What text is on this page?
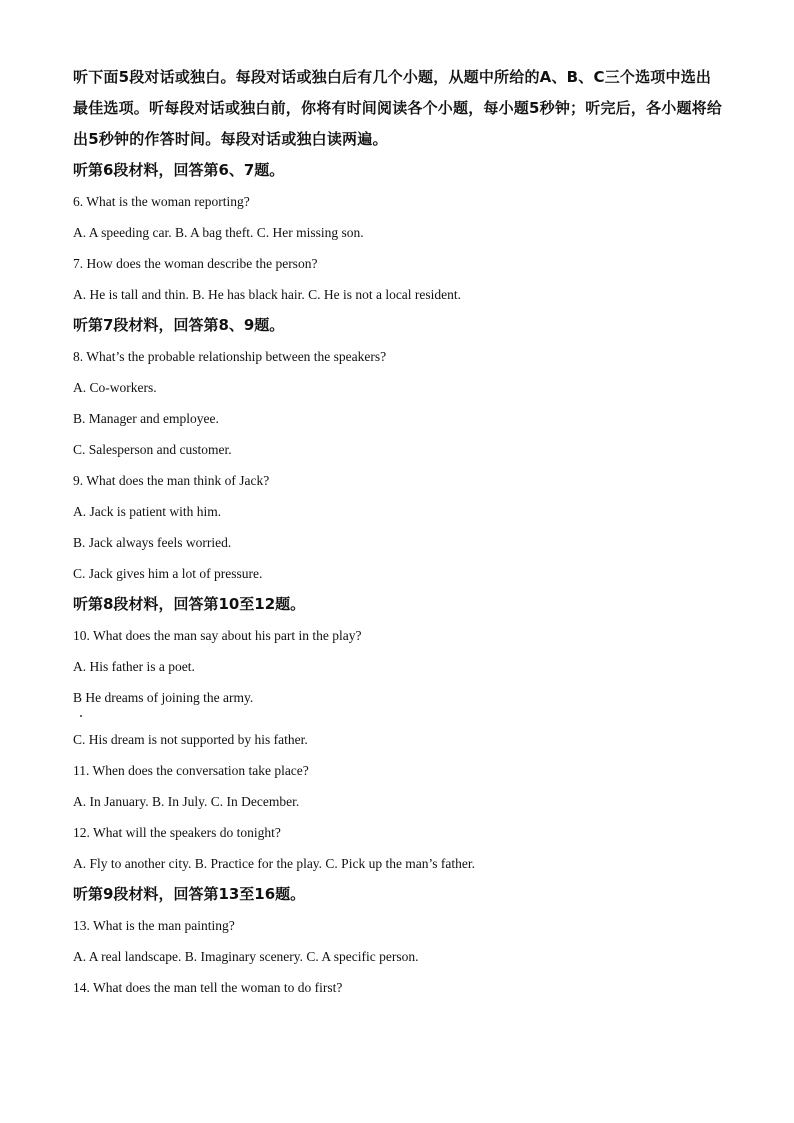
听下面5段对话或独白。每段对话或独白后有几个小题，从题中所给的A、B、C三个选项中选出最佳选项。听每段对话或独白前，你将有时间阅读各个小题，每小题5秒钟；听完后，各小题将给出5秒钟的作答时间。每段对话或独白读两遍。

听第6段材料，回答第6、7题。

6. What is the woman reporting?

A. A speeding car. B. A bag theft. C. Her missing son.

7. How does the woman describe the person?

A. He is tall and thin. B. He has black hair. C. He is not a local resident.

听第7段材料，回答第8、9题。

8. What’s the probable relationship between the speakers?

A. Co-workers.

B. Manager and employee.

C. Salesperson and customer.

9. What does the man think of Jack?

A. Jack is patient with him.

B. Jack always feels worried.

C. Jack gives him a lot of pressure.

听第8段材料，回答第10至12题。

10. What does the man say about his part in the play?

A. His father is a poet.

B He dreams of joining the army.

C. His dream is not supported by his father.

11. When does the conversation take place?

A. In January. B. In July. C. In December.

12. What will the speakers do tonight?

A. Fly to another city. B. Practice for the play. C. Pick up the man’s father.

听第9段材料，回答第13至16题。

13. What is the man painting?

A. A real landscape. B. Imaginary scenery. C. A specific person.

14. What does the man tell the woman to do first?
